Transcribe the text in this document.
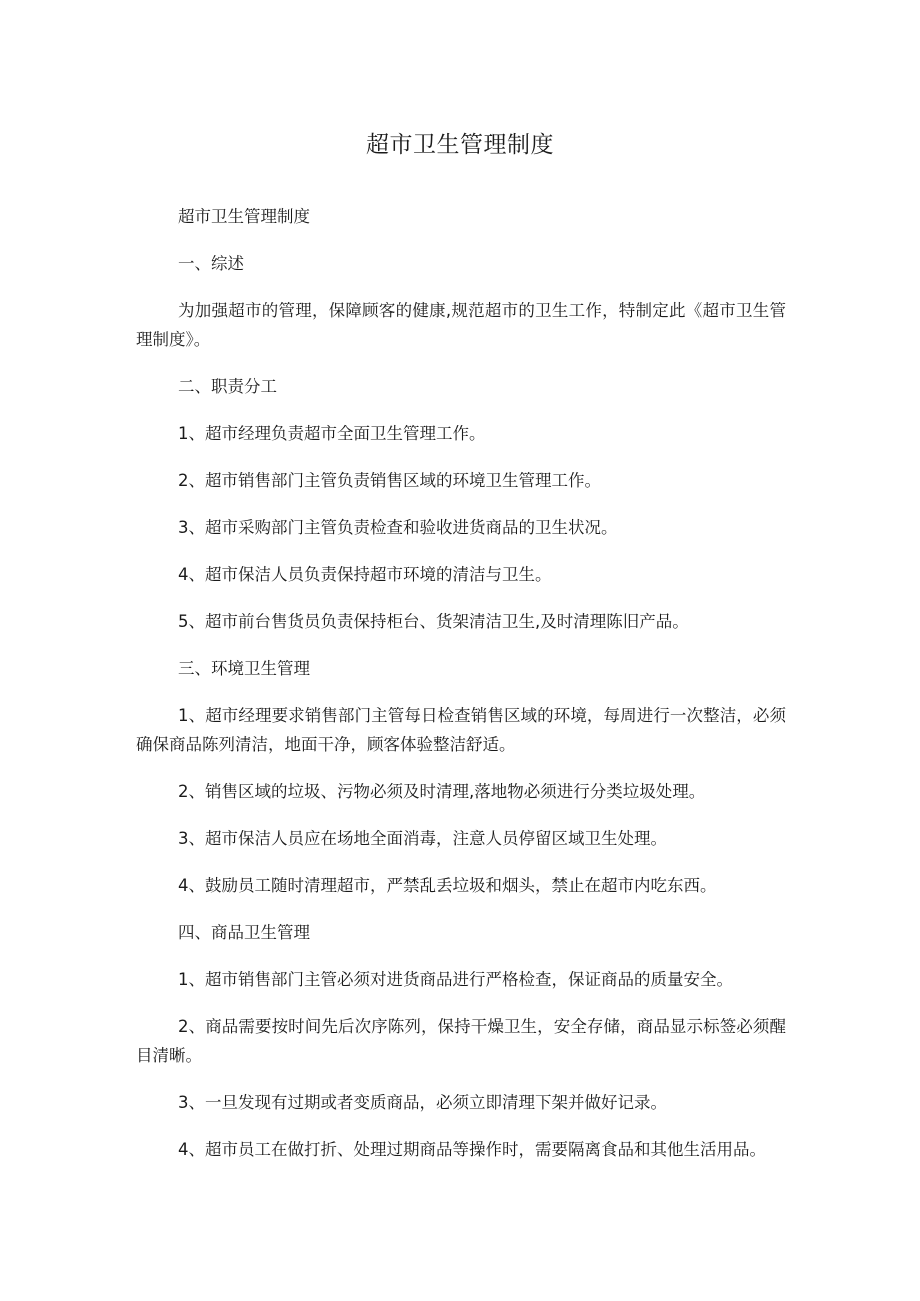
超市卫生管理制度

超市卫生管理制度

一、综述

为加强超市的管理，保障顾客的健康,规范超市的卫生工作，特制定此《超市卫生管理制度》。

二、职责分工

1、超市经理负责超市全面卫生管理工作。

2、超市销售部门主管负责销售区域的环境卫生管理工作。

3、超市采购部门主管负责检查和验收进货商品的卫生状况。

4、超市保洁人员负责保持超市环境的清洁与卫生。

5、超市前台售货员负责保持柜台、货架清洁卫生,及时清理陈旧产品。

三、环境卫生管理

1、超市经理要求销售部门主管每日检查销售区域的环境，每周进行一次整洁，必须确保商品陈列清洁，地面干净，顾客体验整洁舒适。

2、销售区域的垃圾、污物必须及时清理,落地物必须进行分类垃圾处理。

3、超市保洁人员应在场地全面消毒，注意人员停留区域卫生处理。

4、鼓励员工随时清理超市，严禁乱丢垃圾和烟头，禁止在超市内吃东西。

四、商品卫生管理

1、超市销售部门主管必须对进货商品进行严格检查，保证商品的质量安全。

2、商品需要按时间先后次序陈列，保持干燥卫生，安全存储，商品显示标签必须醒目清晰。

3、一旦发现有过期或者变质商品，必须立即清理下架并做好记录。

4、超市员工在做打折、处理过期商品等操作时，需要隔离食品和其他生活用品。
